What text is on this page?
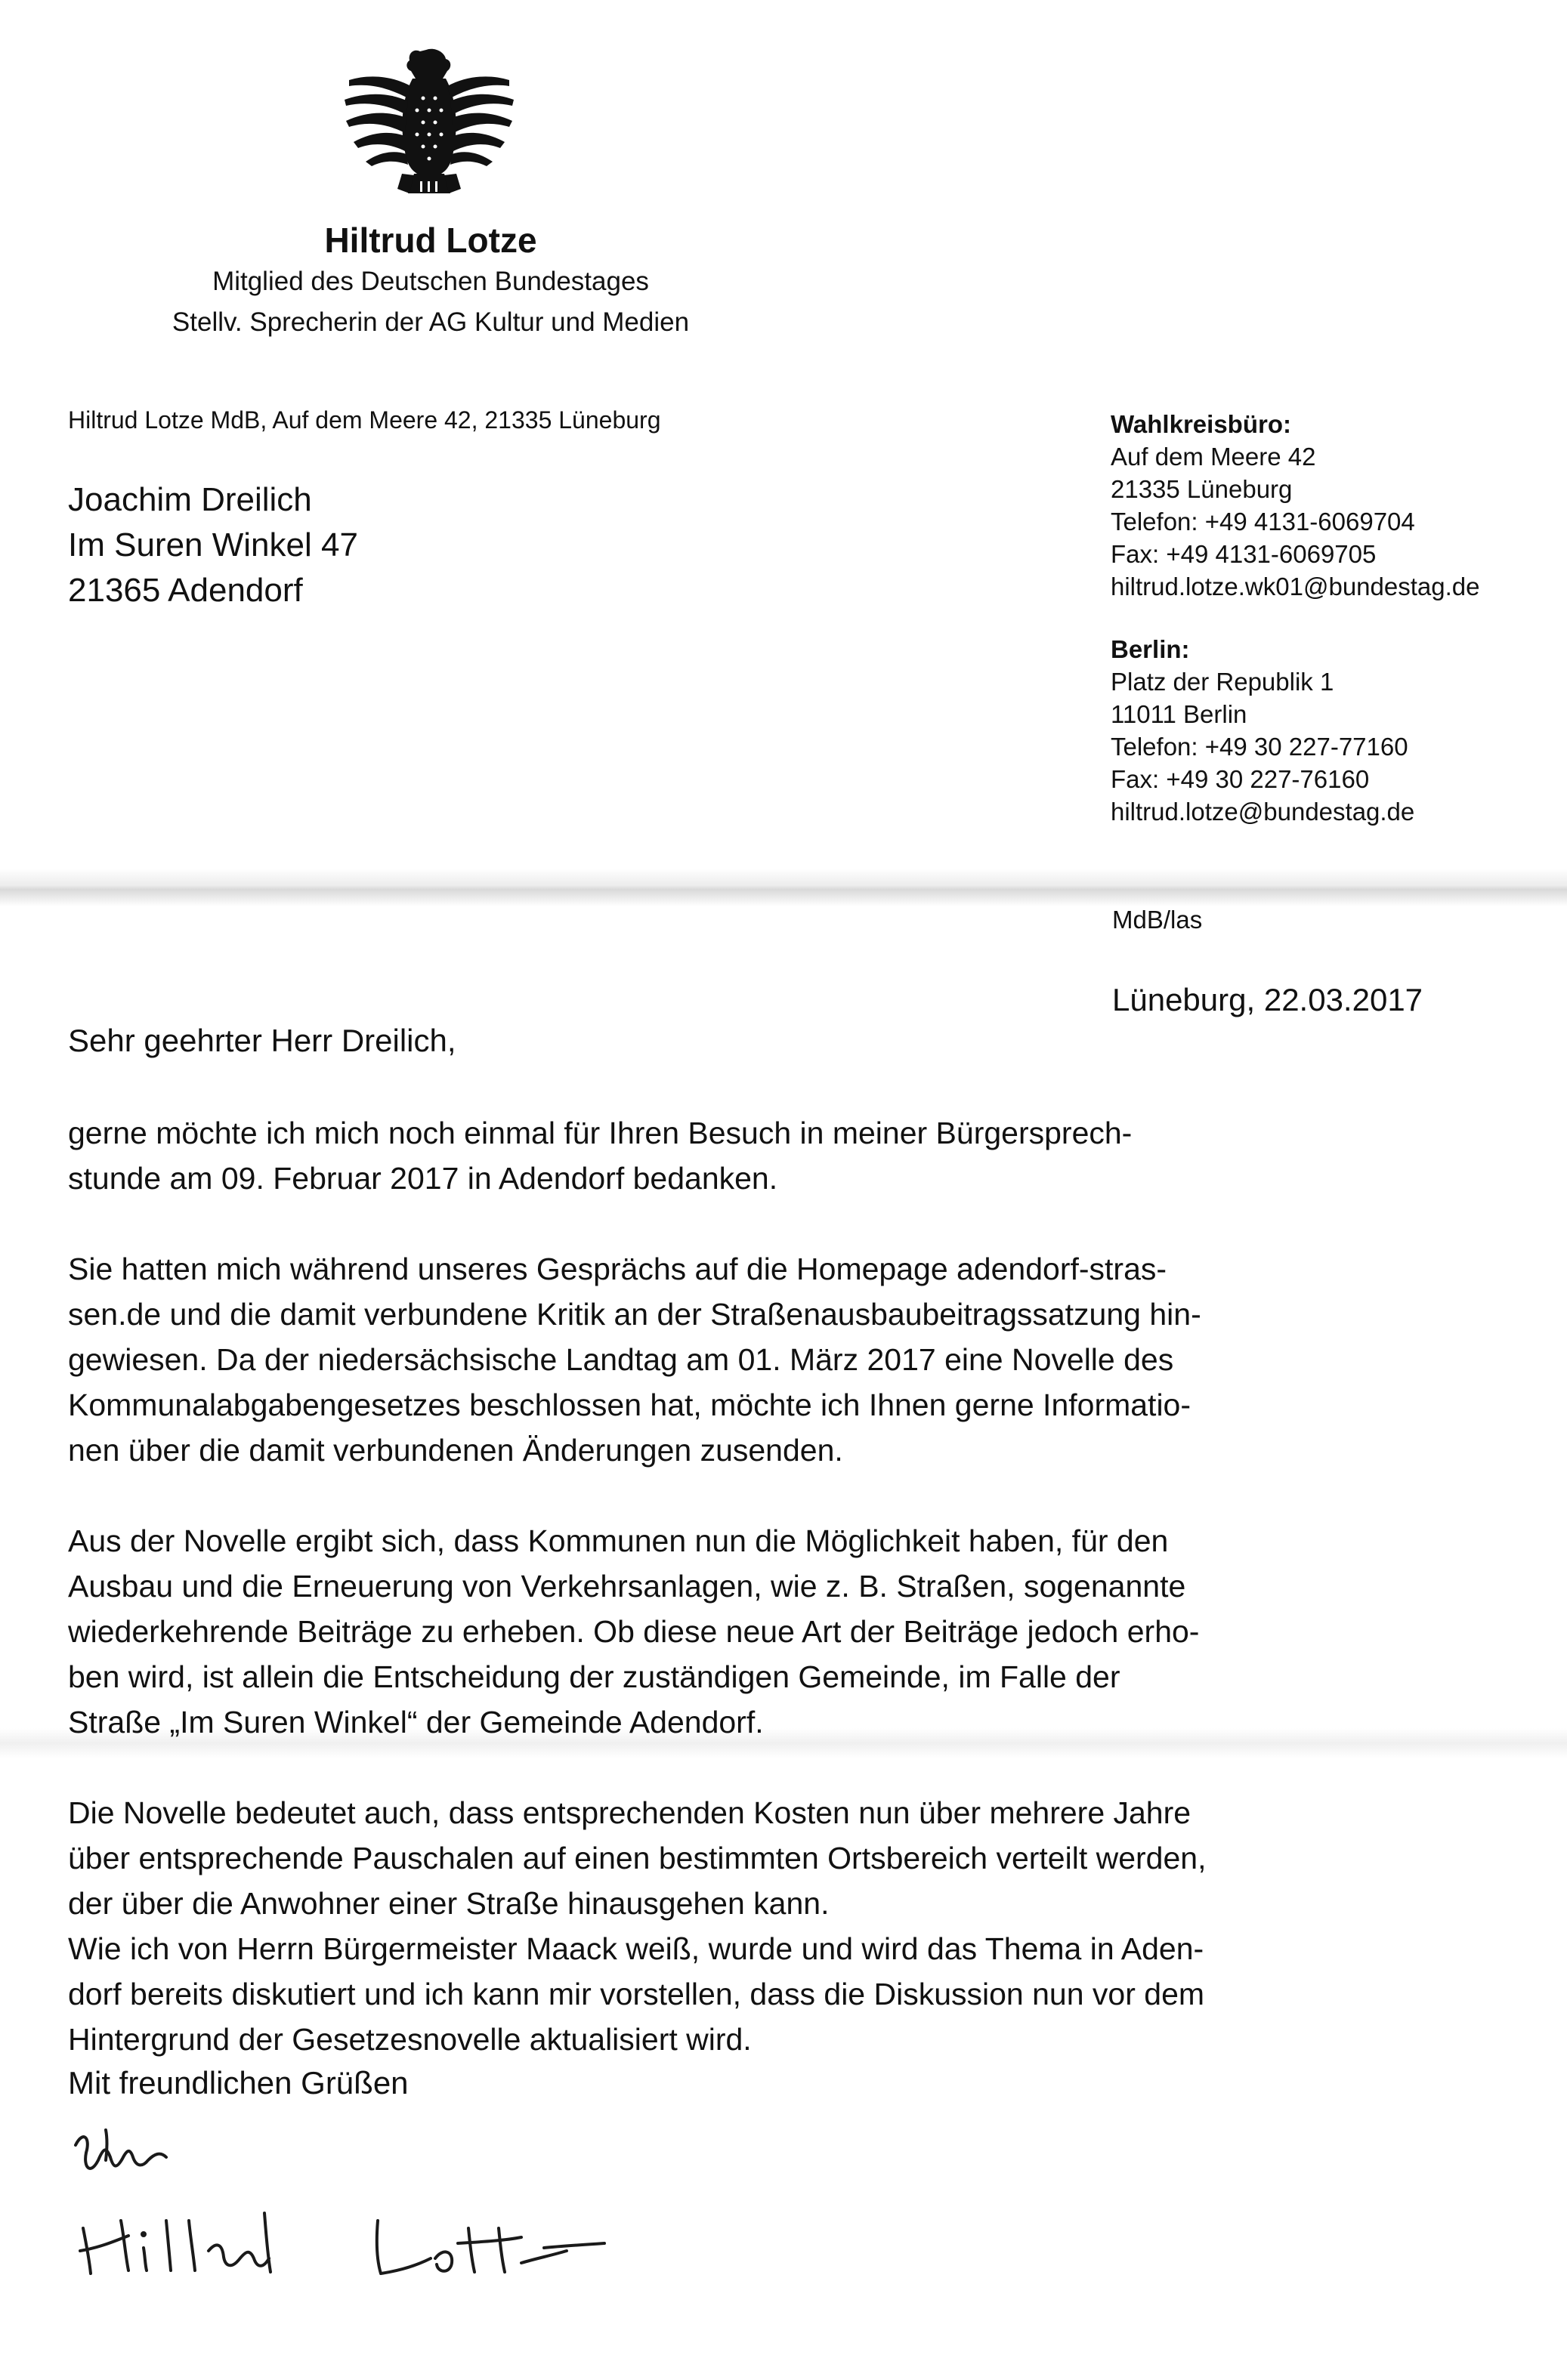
Hiltrud Lotze
Mitglied des Deutschen Bundestages
Stellv. Sprecherin der AG Kultur und Medien
Hiltrud Lotze MdB, Auf dem Meere 42, 21335 Lüneburg
Joachim Dreilich
Im Suren Winkel 47
21365 Adendorf
Wahlkreisbüro:
Auf dem Meere 42
21335 Lüneburg
Telefon: +49 4131-6069704
Fax: +49 4131-6069705
hiltrud.lotze.wk01@bundestag.de
Berlin:
Platz der Republik 1
11011 Berlin
Telefon: +49 30 227-77160
Fax: +49 30 227-76160
hiltrud.lotze@bundestag.de
MdB/las
Lüneburg, 22.03.2017
Sehr geehrter Herr Dreilich,

gerne möchte ich mich noch einmal für Ihren Besuch in meiner Bürgersprech-
stunde am 09. Februar 2017 in Adendorf bedanken.

Sie hatten mich während unseres Gesprächs auf die Homepage adendorf-stras-
sen.de und die damit verbundene Kritik an der Straßenausbaubeitragssatzung hin-
gewiesen. Da der niedersächsische Landtag am 01. März 2017 eine Novelle des
Kommunalabgabengesetzes beschlossen hat, möchte ich Ihnen gerne Informatio-
nen über die damit verbundenen Änderungen zusenden.

Aus der Novelle ergibt sich, dass Kommunen nun die Möglichkeit haben, für den
Ausbau und die Erneuerung von Verkehrsanlagen, wie z. B. Straßen, sogenannte
wiederkehrende Beiträge zu erheben. Ob diese neue Art der Beiträge jedoch erho-
ben wird, ist allein die Entscheidung der zuständigen Gemeinde, im Falle der
Straße „Im Suren Winkel“ der Gemeinde Adendorf.

Die Novelle bedeutet auch, dass entsprechenden Kosten nun über mehrere Jahre
über entsprechende Pauschalen auf einen bestimmten Ortsbereich verteilt werden,
der über die Anwohner einer Straße hinausgehen kann.
Wie ich von Herrn Bürgermeister Maack weiß, wurde und wird das Thema in Aden-
dorf bereits diskutiert und ich kann mir vorstellen, dass die Diskussion nun vor dem
Hintergrund der Gesetzesnovelle aktualisiert wird.

Mit freundlichen Grüßen
